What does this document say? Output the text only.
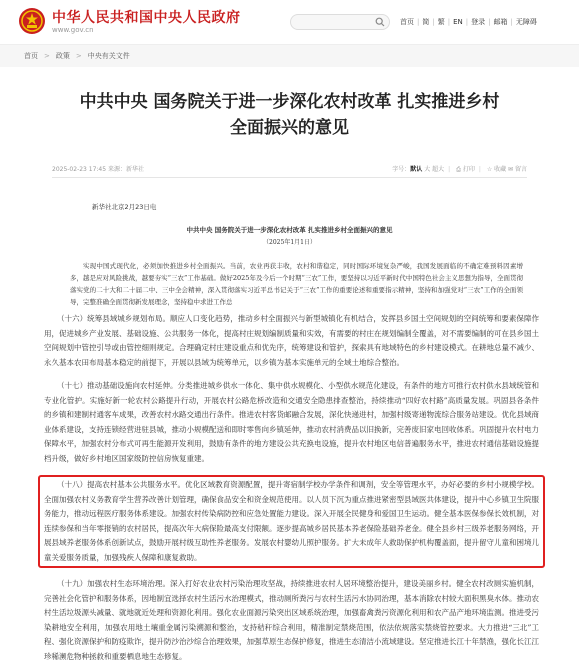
中华人民共和国中央人民政府
www.gov.cn
首页 | 简 | 繁 | EN | 登录 | 邮箱 | 无障碍
首页 > 政策 > 中央有关文件
中共中央 国务院关于进一步深化农村改革 扎实推进乡村
全面振兴的意见
2025-02-23 17:45 来源：新华社	字号：默认 大 超大 | ⎙ 打印 | ☆ 收藏 ✉ 留言
新华社北京2月23日电
中共中央 国务院关于进一步深化农村改革 扎实推进乡村全面振兴的意见
（2025年1月1日）

实现中国式现代化，必须加快推进乡村全面振兴。当前，农业再获丰收，农村和谐稳定，同时国际环境复杂严峻，我国发展面临的不确定难预料因素增多，越是应对风险挑战，越要夯实“三农”工作基础。做好2025年及今后一个时期“三农”工作，要坚持以习近平新时代中国特色社会主义思想为指导，全面贯彻落实党的二十大和二十届二中、三中全会精神，深入贯彻落实习近平总书记关于“三农”工作的重要论述和重要指示精神，坚持和加强党对“三农”工作的全面领导，完整准确全面贯彻新发展理念，坚持稳中求进工作总

（十六）统筹县域城乡规划布局。顺应人口变化趋势，推动乡村全面振兴与新型城镇化有机结合，发挥县乡国土空间规划的空间统筹和要素保障作用，促进城乡产业发展、基础设施、公共服务一体化，提高村庄规划编制质量和实效，有需要的村庄在规划编制全覆盖，对不需要编制的可在县乡国土空间规划中管控引导或由管控细则规定。合理确定村庄建设重点和优先序，统筹建设和管护，探索具有地域特色的乡村建设模式。在耕地总量不减少、永久基本农田布局基本稳定的前提下，开展以县域为统筹单元，以乡镇为基本实施单元的全域土地综合整治。

（十七）推动基础设施向农村延伸。分类推进城乡供水一体化、集中供水规模化、小型供水规范化建设，有条件的地方可推行农村供水县域统管和专业化管护。实施好新一轮农村公路提升行动，开展农村公路危桥改造和交通安全隐患排查整治，持续推动“四好农村路”高质量发展。巩固县各条件的乡镇和建制村通客车成果，改善农村水路交通出行条件。推进农村客货邮融合发展，深化快递进村，加强村级寄递物流综合服务站建设。优化县域商业体系建设，支持连锁经营进驻县城，推动小规模配送和即时零售向乡镇延伸，推动农村消费品以旧换新，完善废旧家电回收体系。巩固提升农村电力保障水平，加强农村分布式可再生能源开发利用，鼓励有条件的地方建设公共充换电设施，提升农村地区电信普遍服务水平，推进农村通信基础设施提档升级，做好乡村地区国家级防控信房恢复重建。

（十八）提高农村基本公共服务水平。优化区域教育资源配置，提升寄宿制学校办学条件和调剂，安全等管理水平，办好必要的乡村小规模学校。全面加强农村义务教育学生营养改善计划管理，确保食品安全和资金规范使用。以人员下沉为重点推进紧密型县域医共体建设，提升中心乡镇卫生院服务能力，推动远程医疗服务体系建设。加强农村传染病防控和应急处置能力建设。深入开展全民健身和爱国卫生运动。健全基本医保参保长效机制，对连续参保和当年零报销的农村居民，提高次年大病保险最高支付限额。逐步提高城乡居民基本养老保险基础养老金。健全县乡村三级养老服务网络，开展县域养老服务体系创新试点，鼓励开展村级互助性养老服务。发展农村婴幼儿照护服务。扩大未成年人救助保护机构覆盖面，提升留守儿童和困境儿童关爱服务质量，加强残疾人保障和康复救助。

（十九）加强农村生态环境治理。深入打好农业农村污染治理攻坚战，持续推进农村人居环境整治提升，建设美丽乡村。健全农村改厕实施机制，完善社会化管护和服务体系，因地制宜选择农村生活污水治理模式，推动厕所粪污与农村生活污水协同治理，基本消除农村较大面积黑臭水体。推动农村生活垃圾源头减量、就地就近处理和资源化利用。强化农业面源污染突出区域系统治理，加强畜禽粪污资源化利用和农产品产地环境监测。推进受污染耕地安全利用，加强农用地土壤重金属污染溯源和整治，支持秸秆综合利用，精准制定禁烧范围，依法依规落实禁烧管控要求。大力推进“三北”工程、强化资源保护和防疫欺诈，提升防沙治沙综合治理效果，加强草原生态保护修复，推进生态清洁小流域建设。坚定推进长江十年禁渔，强化长江江珍稀濒危物种拯救和重要栖息地生态修复。
